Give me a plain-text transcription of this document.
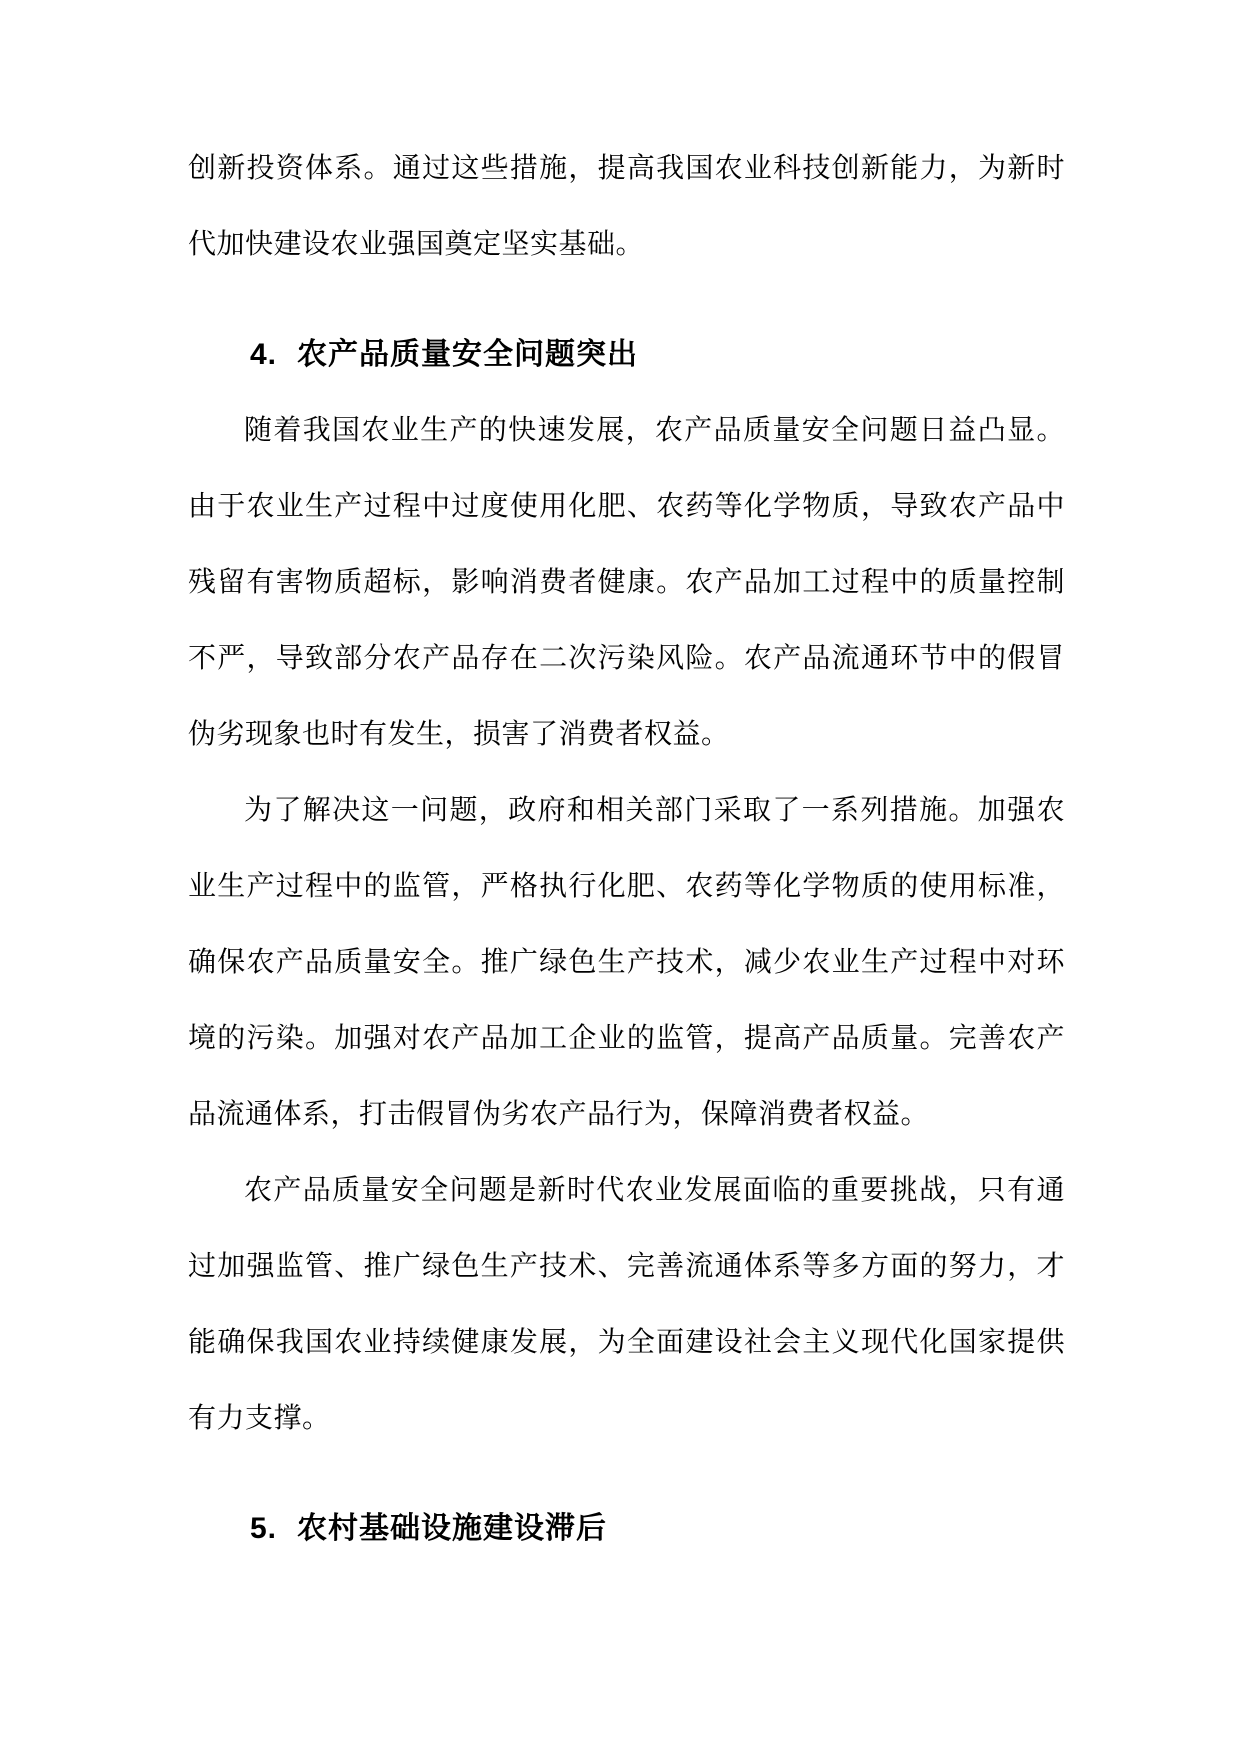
创新投资体系。通过这些措施，提高我国农业科技创新能力，为新时代加快建设农业强国奠定坚实基础。

4. 农产品质量安全问题突出

随着我国农业生产的快速发展，农产品质量安全问题日益凸显。由于农业生产过程中过度使用化肥、农药等化学物质，导致农产品中残留有害物质超标，影响消费者健康。农产品加工过程中的质量控制不严，导致部分农产品存在二次污染风险。农产品流通环节中的假冒伪劣现象也时有发生，损害了消费者权益。

为了解决这一问题，政府和相关部门采取了一系列措施。加强农业生产过程中的监管，严格执行化肥、农药等化学物质的使用标准，确保农产品质量安全。推广绿色生产技术，减少农业生产过程中对环境的污染。加强对农产品加工企业的监管，提高产品质量。完善农产品流通体系，打击假冒伪劣农产品行为，保障消费者权益。

农产品质量安全问题是新时代农业发展面临的重要挑战，只有通过加强监管、推广绿色生产技术、完善流通体系等多方面的努力，才能确保我国农业持续健康发展，为全面建设社会主义现代化国家提供有力支撑。

5. 农村基础设施建设滞后
